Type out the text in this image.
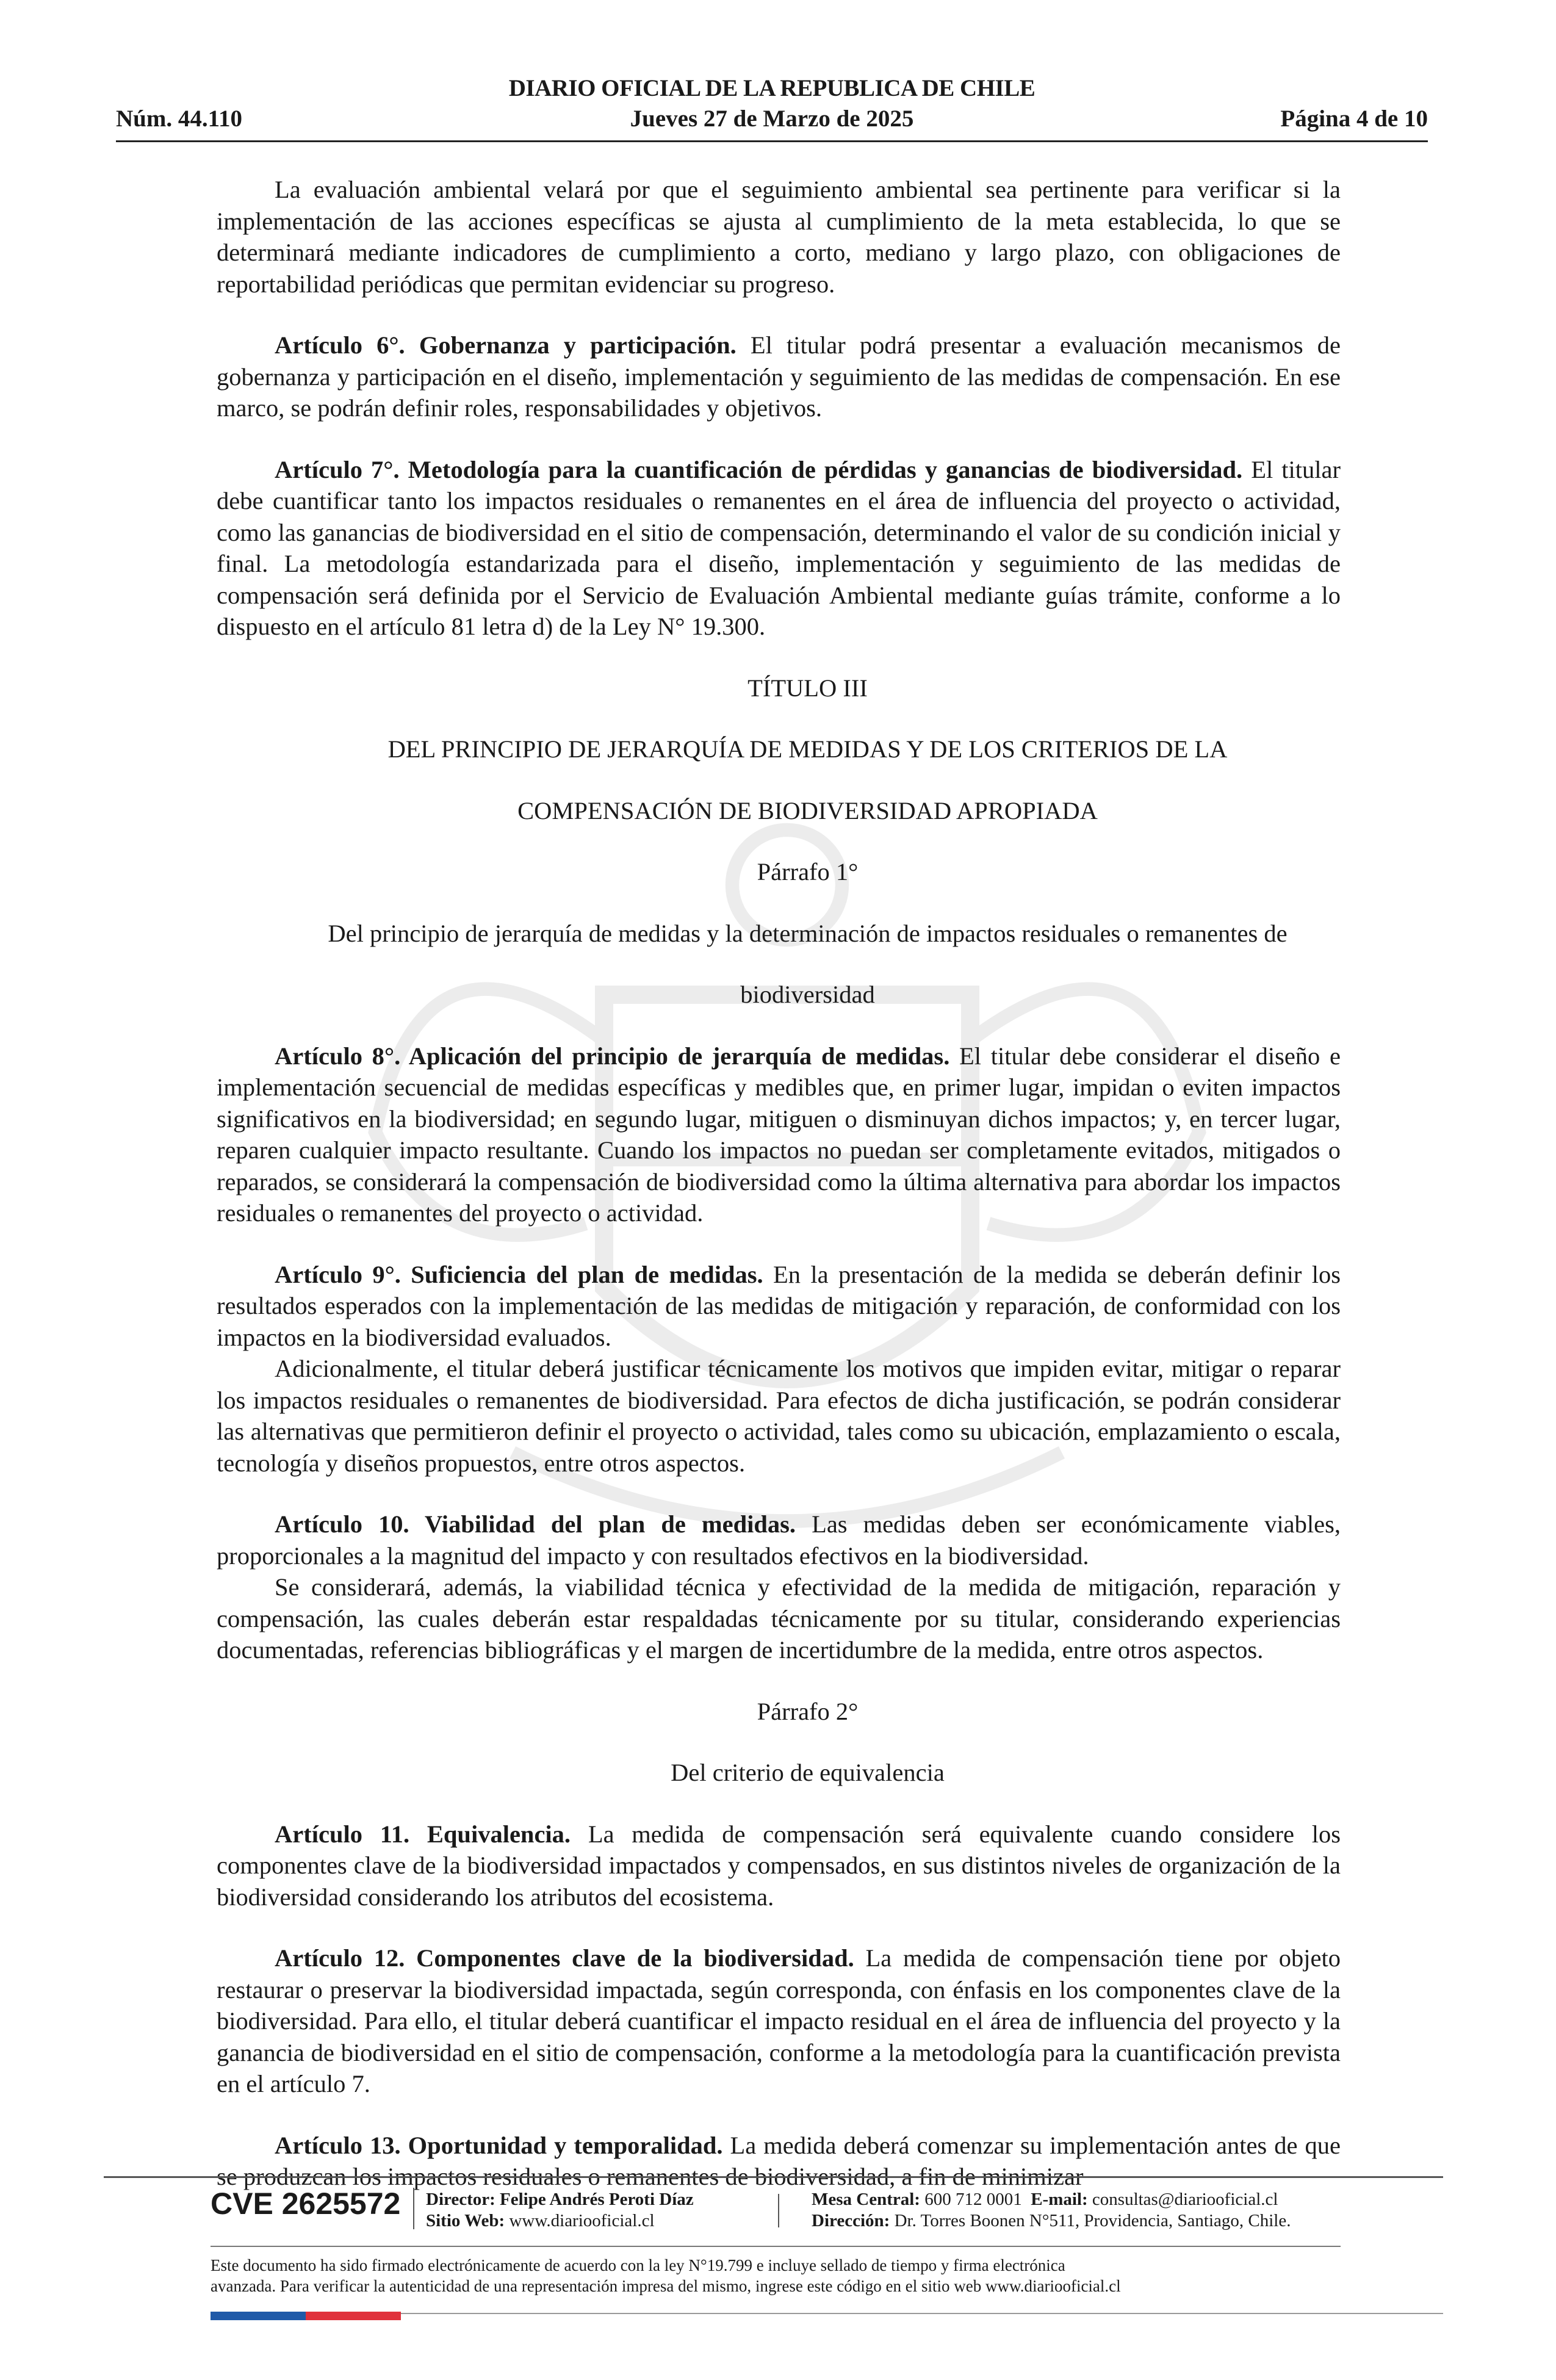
DIARIO OFICIAL DE LA REPUBLICA DE CHILE
Núm. 44.110	Jueves 27 de Marzo de 2025	Página 4 de 10

La evaluación ambiental velará por que el seguimiento ambiental sea pertinente para verificar si la implementación de las acciones específicas se ajusta al cumplimiento de la meta establecida, lo que se determinará mediante indicadores de cumplimiento a corto, mediano y largo plazo, con obligaciones de reportabilidad periódicas que permitan evidenciar su progreso.

Artículo 6°. Gobernanza y participación. El titular podrá presentar a evaluación mecanismos de gobernanza y participación en el diseño, implementación y seguimiento de las medidas de compensación. En ese marco, se podrán definir roles, responsabilidades y objetivos.

Artículo 7°. Metodología para la cuantificación de pérdidas y ganancias de biodiversidad. El titular debe cuantificar tanto los impactos residuales o remanentes en el área de influencia del proyecto o actividad, como las ganancias de biodiversidad en el sitio de compensación, determinando el valor de su condición inicial y final. La metodología estandarizada para el diseño, implementación y seguimiento de las medidas de compensación será definida por el Servicio de Evaluación Ambiental mediante guías trámite, conforme a lo dispuesto en el artículo 81 letra d) de la Ley N° 19.300.

TÍTULO III

DEL PRINCIPIO DE JERARQUÍA DE MEDIDAS Y DE LOS CRITERIOS DE LA

COMPENSACIÓN DE BIODIVERSIDAD APROPIADA

Párrafo 1°

Del principio de jerarquía de medidas y la determinación de impactos residuales o remanentes de

biodiversidad

Artículo 8°. Aplicación del principio de jerarquía de medidas. El titular debe considerar el diseño e implementación secuencial de medidas específicas y medibles que, en primer lugar, impidan o eviten impactos significativos en la biodiversidad; en segundo lugar, mitiguen o disminuyan dichos impactos; y, en tercer lugar, reparen cualquier impacto resultante. Cuando los impactos no puedan ser completamente evitados, mitigados o reparados, se considerará la compensación de biodiversidad como la última alternativa para abordar los impactos residuales o remanentes del proyecto o actividad.

Artículo 9°. Suficiencia del plan de medidas. En la presentación de la medida se deberán definir los resultados esperados con la implementación de las medidas de mitigación y reparación, de conformidad con los impactos en la biodiversidad evaluados.

Adicionalmente, el titular deberá justificar técnicamente los motivos que impiden evitar, mitigar o reparar los impactos residuales o remanentes de biodiversidad. Para efectos de dicha justificación, se podrán considerar las alternativas que permitieron definir el proyecto o actividad, tales como su ubicación, emplazamiento o escala, tecnología y diseños propuestos, entre otros aspectos.

Artículo 10. Viabilidad del plan de medidas. Las medidas deben ser económicamente viables, proporcionales a la magnitud del impacto y con resultados efectivos en la biodiversidad.

Se considerará, además, la viabilidad técnica y efectividad de la medida de mitigación, reparación y compensación, las cuales deberán estar respaldadas técnicamente por su titular, considerando experiencias documentadas, referencias bibliográficas y el margen de incertidumbre de la medida, entre otros aspectos.

Párrafo 2°

Del criterio de equivalencia

Artículo 11. Equivalencia. La medida de compensación será equivalente cuando considere los componentes clave de la biodiversidad impactados y compensados, en sus distintos niveles de organización de la biodiversidad considerando los atributos del ecosistema.

Artículo 12. Componentes clave de la biodiversidad. La medida de compensación tiene por objeto restaurar o preservar la biodiversidad impactada, según corresponda, con énfasis en los componentes clave de la biodiversidad. Para ello, el titular deberá cuantificar el impacto residual en el área de influencia del proyecto y la ganancia de biodiversidad en el sitio de compensación, conforme a la metodología para la cuantificación prevista en el artículo 7.

Artículo 13. Oportunidad y temporalidad. La medida deberá comenzar su implementación antes de que se produzcan los impactos residuales o remanentes de biodiversidad, a fin de minimizar

CVE 2625572 Director: Felipe Andrés Peroti Díaz
Sitio Web: www.diariooficial.cl
Mesa Central: 600 712 0001 E-mail: consultas@diariooficial.cl
Dirección: Dr. Torres Boonen N°511, Providencia, Santiago, Chile.
Este documento ha sido firmado electrónicamente de acuerdo con la ley N°19.799 e incluye sellado de tiempo y firma electrónica
avanzada. Para verificar la autenticidad de una representación impresa del mismo, ingrese este código en el sitio web www.diariooficial.cl
